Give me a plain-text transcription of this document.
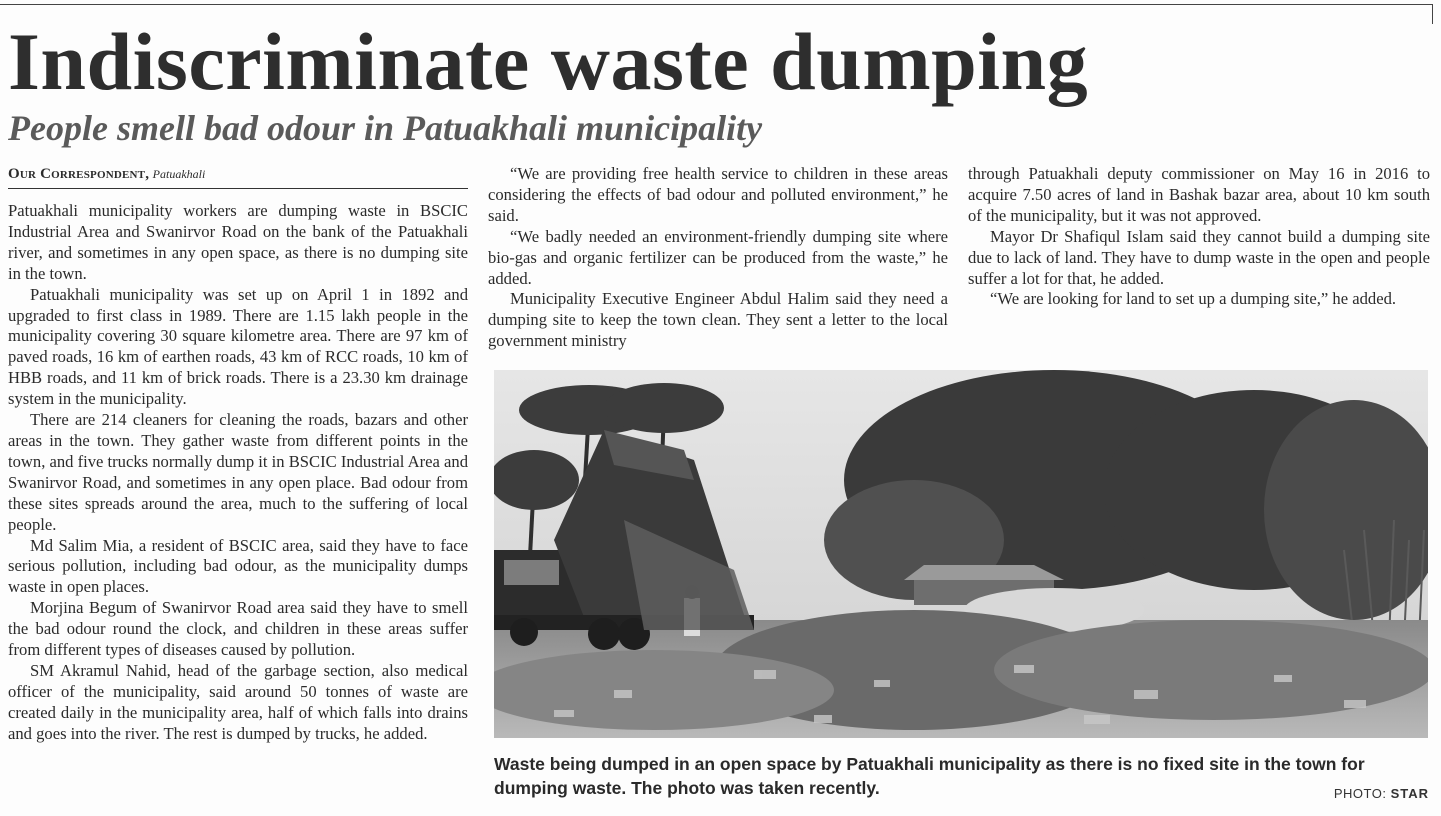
Indiscriminate waste dumping
People smell bad odour in Patuakhali municipality
Our Correspondent, Patuakhali

Patuakhali municipality workers are dumping waste in BSCIC Industrial Area and Swanirvor Road on the bank of the Patuakhali river, and sometimes in any open space, as there is no dumping site in the town.

Patuakhali municipality was set up on April 1 in 1892 and upgraded to first class in 1989. There are 1.15 lakh people in the municipality covering 30 square kilometre area. There are 97 km of paved roads, 16 km of earthen roads, 43 km of RCC roads, 10 km of HBB roads, and 11 km of brick roads. There is a 23.30 km drainage system in the municipality.

There are 214 cleaners for cleaning the roads, bazars and other areas in the town. They gather waste from different points in the town, and five trucks normally dump it in BSCIC Industrial Area and Swanirvor Road, and sometimes in any open place. Bad odour from these sites spreads around the area, much to the suffering of local people.

Md Salim Mia, a resident of BSCIC area, said they have to face serious pollution, including bad odour, as the municipality dumps waste in open places.

Morjina Begum of Swanirvor Road area said they have to smell the bad odour round the clock, and children in these areas suffer from different types of diseases caused by pollution.

SM Akramul Nahid, head of the garbage section, also medical officer of the municipality, said around 50 tonnes of waste are created daily in the municipality area, half of which falls into drains and goes into the river. The rest is dumped by trucks, he added.

“We are providing free health service to children in these areas considering the effects of bad odour and polluted environment,” he said.

“We badly needed an environment-friendly dumping site where bio-gas and organic fertilizer can be produced from the waste,” he added.

Municipality Executive Engineer Abdul Halim said they need a dumping site to keep the town clean. They sent a letter to the local government ministry

through Patuakhali deputy commissioner on May 16 in 2016 to acquire 7.50 acres of land in Bashak bazar area, about 10 km south of the municipality, but it was not approved.

Mayor Dr Shafiqul Islam said they cannot build a dumping site due to lack of land. They have to dump waste in the open and people suffer a lot for that, he added.

“We are looking for land to set up a dumping site,” he added.

Waste being dumped in an open space by Patuakhali municipality as there is no fixed site in the town for dumping waste. The photo was taken recently.	PHOTO: STAR
